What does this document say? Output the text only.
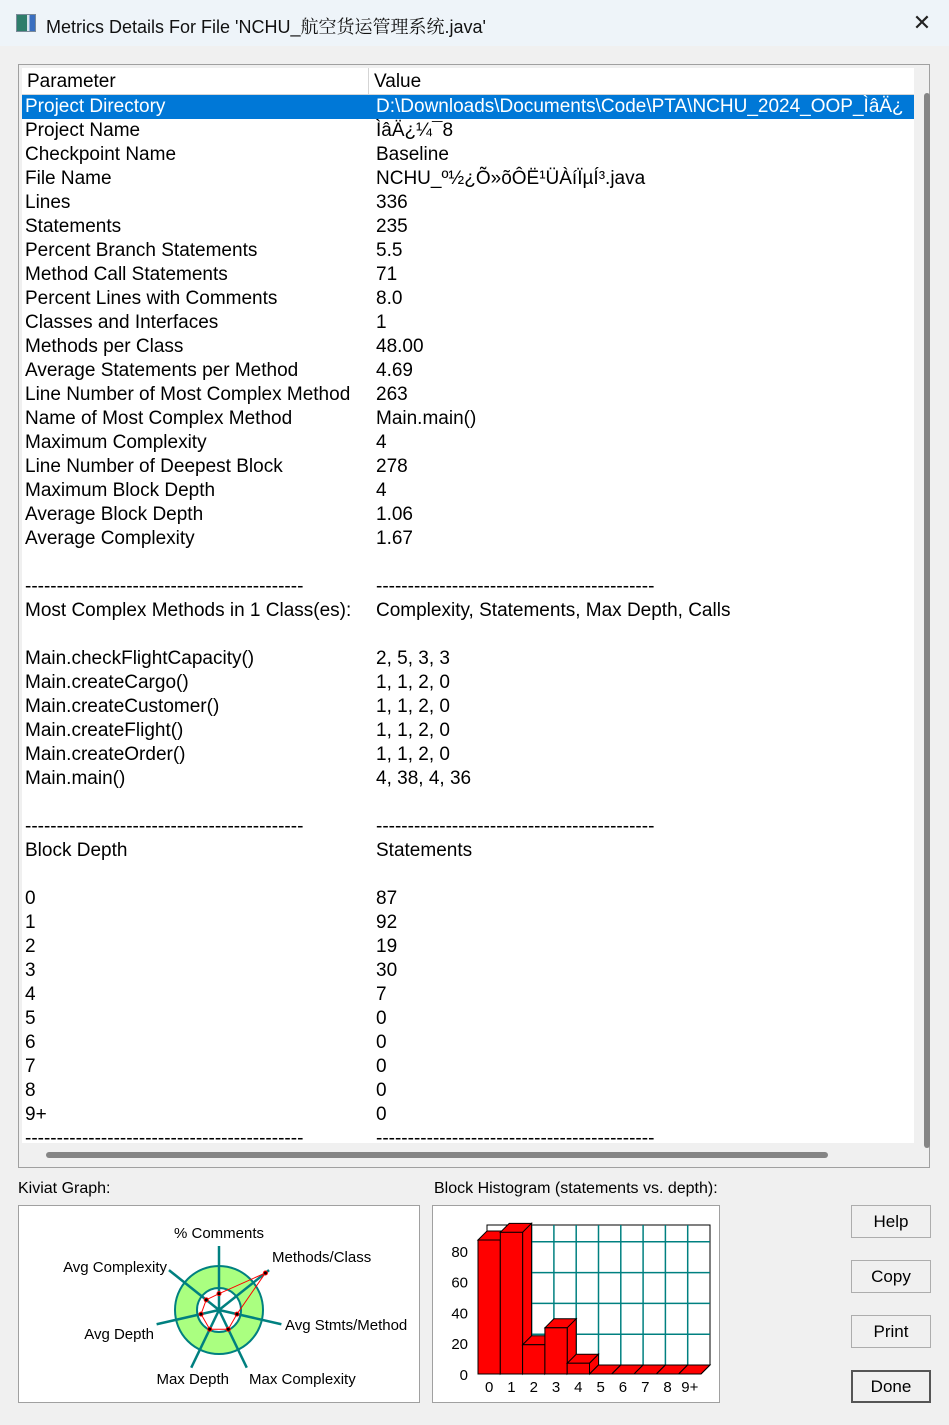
Metrics Details For File 'NCHU_航空货运管理系统.java'	✕
Parameter	Value
Project Directory	D:\Downloads\Documents\Code\PTA\NCHU_2024_OOP_ÌâÄ¿
Project Name	ÌâÄ¿¼¯8
Checkpoint Name	Baseline
File Name	NCHU_º½¿Õ»õÔË¹ÜÀíÏµÍ³.java
Lines	336
Statements	235
Percent Branch Statements	5.5
Method Call Statements	71
Percent Lines with Comments	8.0
Classes and Interfaces	1
Methods per Class	48.00
Average Statements per Method	4.69
Line Number of Most Complex Method 263
Name of Most Complex Method	Main.main()
Maximum Complexity	4
Line Number of Deepest Block	278
Maximum Block Depth	4
Average Block Depth	1.06
Average Complexity	1.67
--------------------------------------------	--------------------------------------------
Most Complex Methods in 1 Class(es): Complexity, Statements, Max Depth, Calls
Main.checkFlightCapacity()	2, 5, 3, 3
Main.createCargo()	1, 1, 2, 0
Main.createCustomer()	1, 1, 2, 0
Main.createFlight()	1, 1, 2, 0
Main.createOrder()	1, 1, 2, 0
Main.main()	4, 38, 4, 36
--------------------------------------------	--------------------------------------------
Block Depth	Statements
0	87
1	92
2	19
3	30
4	7
5	0
6	0
7	0
8	0
9+	0
--------------------------------------------	--------------------------------------------
Kiviat Graph:	Block Histogram (statements vs. depth):
% Comments
Methods/Class
Avg Stmts/Method
Max Complexity
Max Depth
Avg Depth
Avg Complexity
0
20
40
60
80
0 1 2 3 4 5 6 7 8 9+
Help
Copy
Print
Done
